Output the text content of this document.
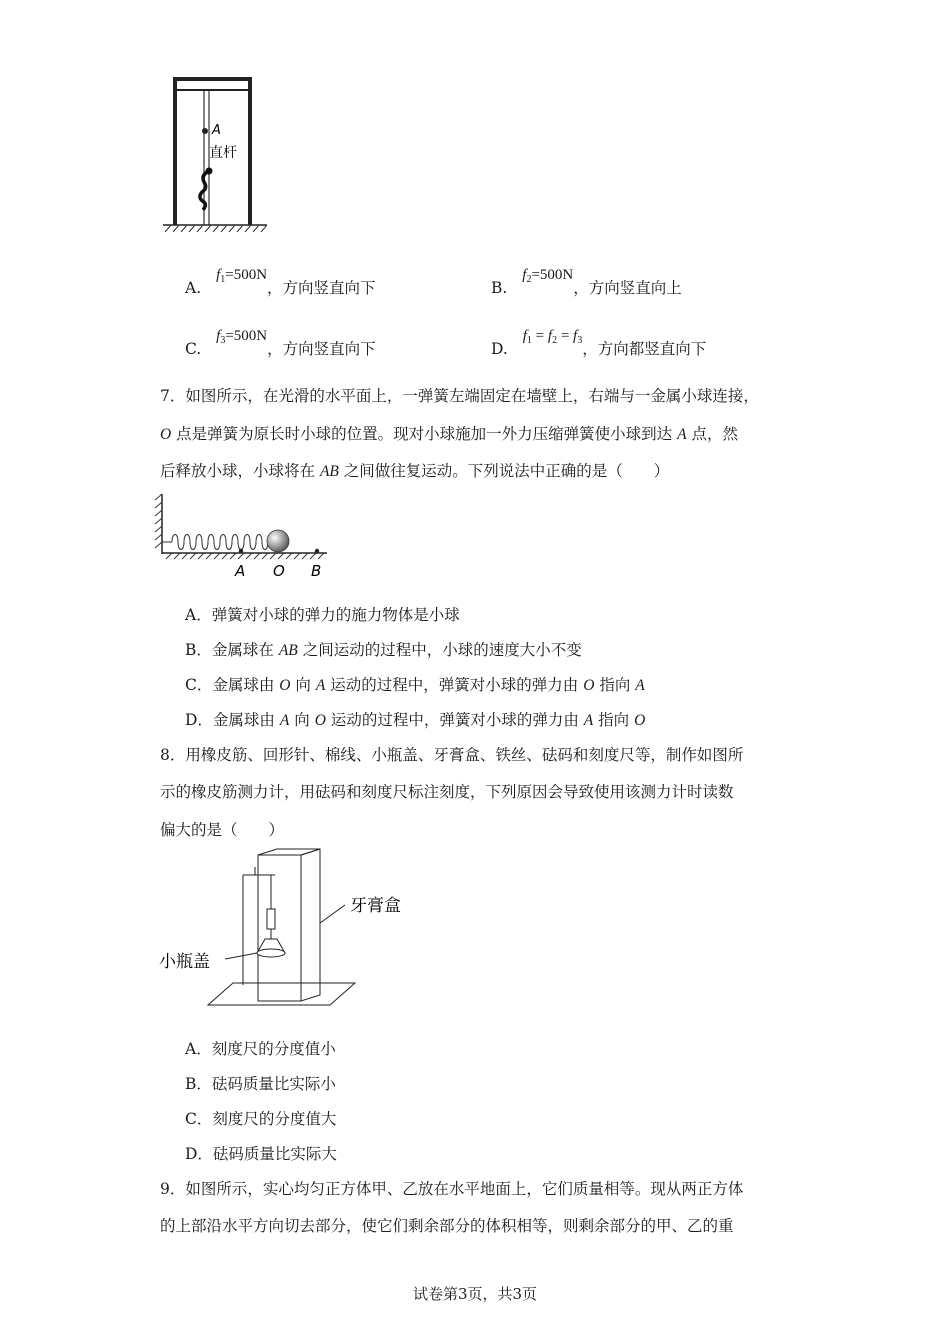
A
直杆
A. $f_1=500N$，方向竖直向下	B. $f_2=500N$，方向竖直向上
C. $f_3=500N$，方向竖直向下	D. $f_1 = f_2 = f_3$，方向都竖直向下
7．如图所示，在光滑的水平面上，一弹簧左端固定在墙壁上，右端与一金属小球连接，
O 点是弹簧为原长时小球的位置。现对小球施加一外力压缩弹簧使小球到达 A 点，然
后释放小球，小球将在 AB 之间做往复运动。下列说法中正确的是（　　）
A O B
A．弹簧对小球的弹力的施力物体是小球
B．金属球在 AB 之间运动的过程中，小球的速度大小不变
C．金属球由 O 向 A 运动的过程中，弹簧对小球的弹力由 O 指向 A
D．金属球由 A 向 O 运动的过程中，弹簧对小球的弹力由 A 指向 O
8．用橡皮筋、回形针、棉线、小瓶盖、牙膏盒、铁丝、砝码和刻度尺等，制作如图所
示的橡皮筋测力计，用砝码和刻度尺标注刻度，下列原因会导致使用该测力计时读数
偏大的是（　　）
牙膏盒
小瓶盖
A．刻度尺的分度值小
B．砝码质量比实际小
C．刻度尺的分度值大
D．砝码质量比实际大
9．如图所示，实心均匀正方体甲、乙放在水平地面上，它们质量相等。现从两正方体
的上部沿水平方向切去部分，使它们剩余部分的体积相等，则剩余部分的甲、乙的重
试卷第3页，共3页
